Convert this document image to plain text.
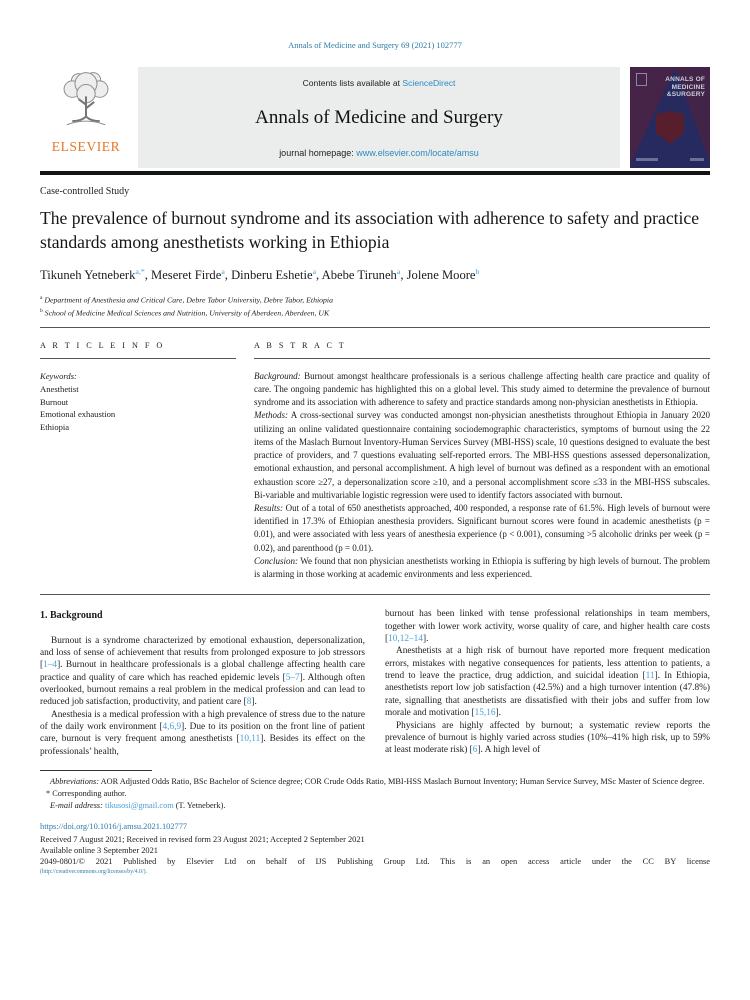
Annals of Medicine and Surgery 69 (2021) 102777
ELSEVIER
Contents lists available at ScienceDirect
Annals of Medicine and Surgery
journal homepage: www.elsevier.com/locate/amsu
ANNALS OF
MEDICINE
&SURGERY
Case-controlled Study
The prevalence of burnout syndrome and its association with adherence to safety and practice standards among anesthetists working in Ethiopia
Tikuneh Yetneberk$^{a,*}$, Meseret Firde$^a$, Dinberu Eshetie$^a$, Abebe Tiruneh$^a$, Jolene Moore$^b$
$^a$ Department of Anesthesia and Critical Care, Debre Tabor University, Debre Tabor, Ethiopia
$^b$ School of Medicine Medical Sciences and Nutrition, University of Aberdeen, Aberdeen, UK
A R T I C L E I N F O
Keywords:
Anesthetist
Burnout
Emotional exhaustion
Ethiopia
A B S T R A C T
Background: Burnout amongst healthcare professionals is a serious challenge affecting health care practice and quality of care. The ongoing pandemic has highlighted this on a global level. This study aimed to determine the prevalence of burnout syndrome and its association with adherence to safety and practice standards among non-physician anesthetists in Ethiopia.
Methods: A cross-sectional survey was conducted amongst non-physician anesthetists throughout Ethiopia in January 2020 utilizing an online validated questionnaire containing sociodemographic characteristics, symptoms of burnout using the 22 items of the Maslach Burnout Inventory-Human Services Survey (MBI-HSS) scale, 10 questions designed to evaluate the best practice of providers, and 7 questions evaluating self-reported errors. The MBI-HSS questions assessed depersonalization, emotional exhaustion, and personal accomplishment. A high level of burnout was defined as a respondent with an emotional exhaustion score ≥27, a depersonalization score ≥10, and a personal accomplishment score ≤33 in the MBI-HSS subscales. Bi-variable and multivariable logistic regression were used to identify factors associated with burnout.
Results: Out of a total of 650 anesthetists approached, 400 responded, a response rate of 61.5%. High levels of burnout were identified in 17.3% of Ethiopian anesthesia providers. Significant burnout scores were found in academic anesthetists (p = 0.01), and were associated with less years of anesthesia experience (p < 0.001), consuming >5 alcoholic drinks per week (p = 0.02), and parenthood (p = 0.01).
Conclusion: We found that non physician anesthetists working in Ethiopia is suffering by high levels of burnout. The problem is alarming in those working at academic environments and less experienced.
1. Background

Burnout is a syndrome characterized by emotional exhaustion, depersonalization, and loss of sense of achievement that results from prolonged exposure to job stressors [1–4]. Burnout in healthcare professionals is a global challenge affecting health care practice and quality of care which has reached epidemic levels [5–7]. Although often overlooked, burnout remains a real problem in the medical profession and can lead to reduced job satisfaction, productivity, and patient care [8].

Anesthesia is a medical profession with a high prevalence of stress due to the nature of the daily work environment [4,6,9]. Due to its position on the front line of patient care, burnout is very frequent among anesthetists [10,11]. Besides its effect on the professionals’ health,

burnout has been linked with tense professional relationships in team members, together with lower work activity, worse quality of care, and higher health care costs [10,12–14].

Anesthetists at a high risk of burnout have reported more frequent medication errors, mistakes with negative consequences for patients, less attention to patients, a trend to leave the practice, drug addiction, and suicidal ideation [11]. In Ethiopia, anesthetists report low job satisfaction (42.5%) and a high turnover intention (47.8%) rate, signalling that anesthetists are dissatisfied with their jobs and suffer from low morale and motivation [15,16].

Physicians are highly affected by burnout; a systematic review reports the prevalence of burnout is highly varied across studies (10%–41% high risk, up to 59% at least moderate risk) [6]. A high level of

Abbreviations: AOR Adjusted Odds Ratio, BSc Bachelor of Science degree; COR Crude Odds Ratio, MBI-HSS Maslach Burnout Inventory; Human Service Survey, MSc Master of Science degree.
* Corresponding author.
E-mail address: tikusosi@gmail.com (T. Yetneberk).
https://doi.org/10.1016/j.amsu.2021.102777
Received 7 August 2021; Received in revised form 23 August 2021; Accepted 2 September 2021
Available online 3 September 2021
2049-0801/© 2021 Published by Elsevier Ltd on behalf of IJS Publishing Group Ltd. This is an open access article under the CC BY license
(http://creativecommons.org/licenses/by/4.0/).
